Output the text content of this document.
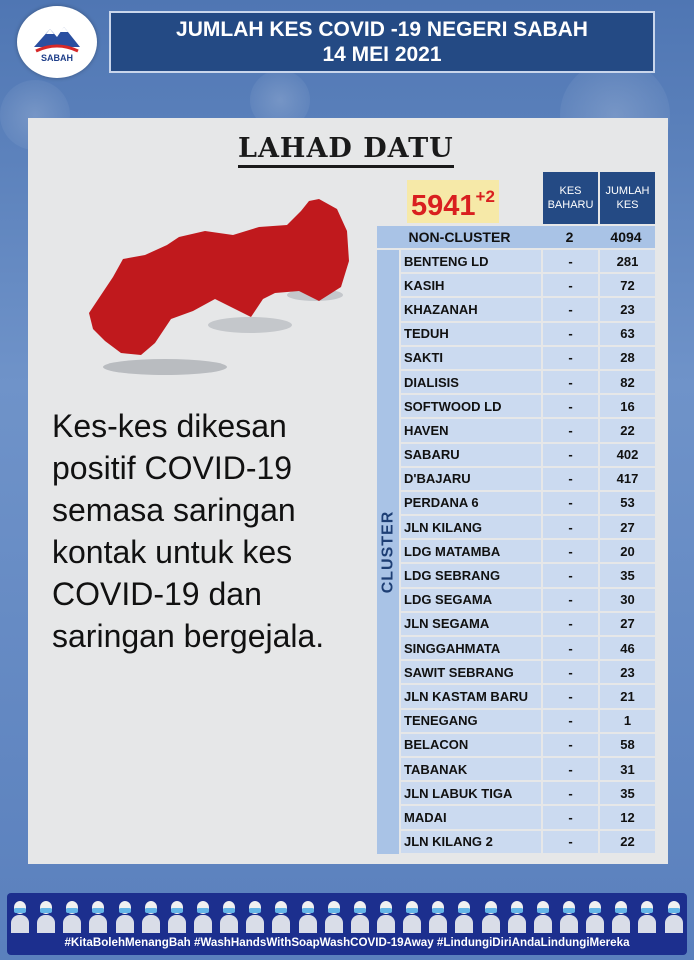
SABAH
JUMLAH KES COVID -19 NEGERI SABAH
14 MEI 2021
LAHAD DATU
Kes-kes dikesan positif COVID-19 semasa saringan kontak untuk kes COVID-19 dan saringan bergejala.
$5941^{+2}$	KES BAHARU
JUMLAH KES
NON-CLUSTER	2	4094
CLUSTER
BENTENG LD	-	281
KASIH	-	72
KHAZANAH	-	23
TEDUH	-	63
SAKTI	-	28
DIALISIS	-	82
SOFTWOOD LD	-	16
HAVEN	-	22
SABARU	-	402
D'BAJARU	-	417
PERDANA 6	-	53
JLN KILANG	-	27
LDG MATAMBA	-	20
LDG SEBRANG	-	35
LDG SEGAMA	-	30
JLN SEGAMA	-	27
SINGGAHMATA	-	46
SAWIT SEBRANG	-	23
JLN KASTAM BARU	-	21
TENEGANG	-	1
BELACON	-	58
TABANAK	-	31
JLN LABUK TIGA	-	35
MADAI	-	12
JLN KILANG 2	-	22
#KitaBolehMenangBah #WashHandsWithSoapWashCOVID-19Away #LindungiDiriAndaLindungiMereka
